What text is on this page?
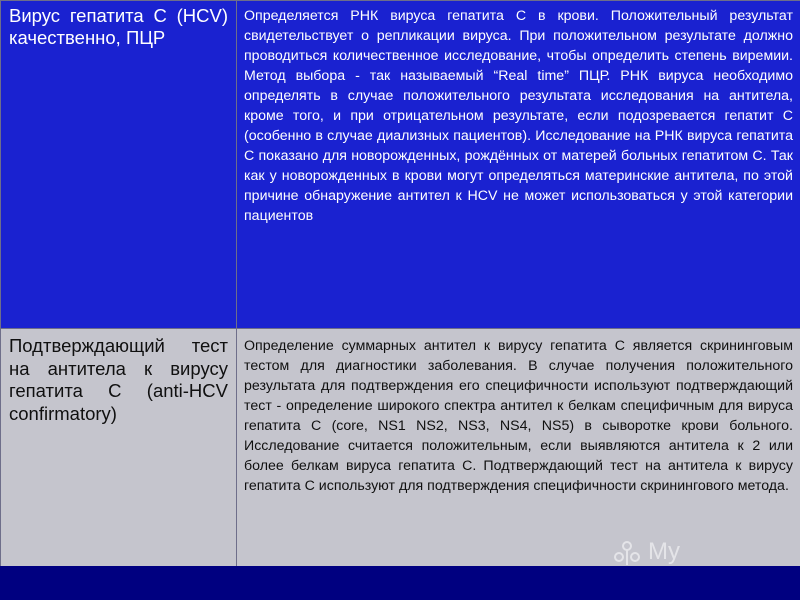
Вирус гепатита С (HCV) качественно, ПЦР	Определяется РНК вируса гепатита С в крови. Положительный результат свидетельствует о репликации вируса. При положительном результате должно проводиться количественное исследование, чтобы определить степень виремии. Метод выбора - так называемый “Real time” ПЦР. РНК вируса необходимо определять в случае положительного результата исследования на антитела, кроме того, и при отрицательном результате, если подозревается гепатит С (особенно в случае диализных пациентов). Исследование на РНК вируса гепатита С показано для новорожденных, рождённых от матерей больных гепатитом С. Так как у новорожденных в крови могут определяться материнские антитела, по этой причине обнаружение антител к HCV не может использоваться у этой категории пациентов
Подтверждающий тест на антитела к вирусу гепатита С (anti-HCV confirmatory)	Определение суммарных антител к вирусу гепатита С является скрининговым тестом для диагностики заболевания. В случае получения положительного результата для подтверждения его специфичности используют подтверждающий тест - определение широкого спектра антител к белкам специфичным для вируса гепатита С (core, NS1 NS2, NS3, NS4, NS5) в сыворотке крови больного. Исследование считается положительным, если выявляются антитела к 2 или более белкам вируса гепатита С. Подтверждающий тест на антитела к вирусу гепатита С используют для подтверждения специфичности скринингового метода.
My
